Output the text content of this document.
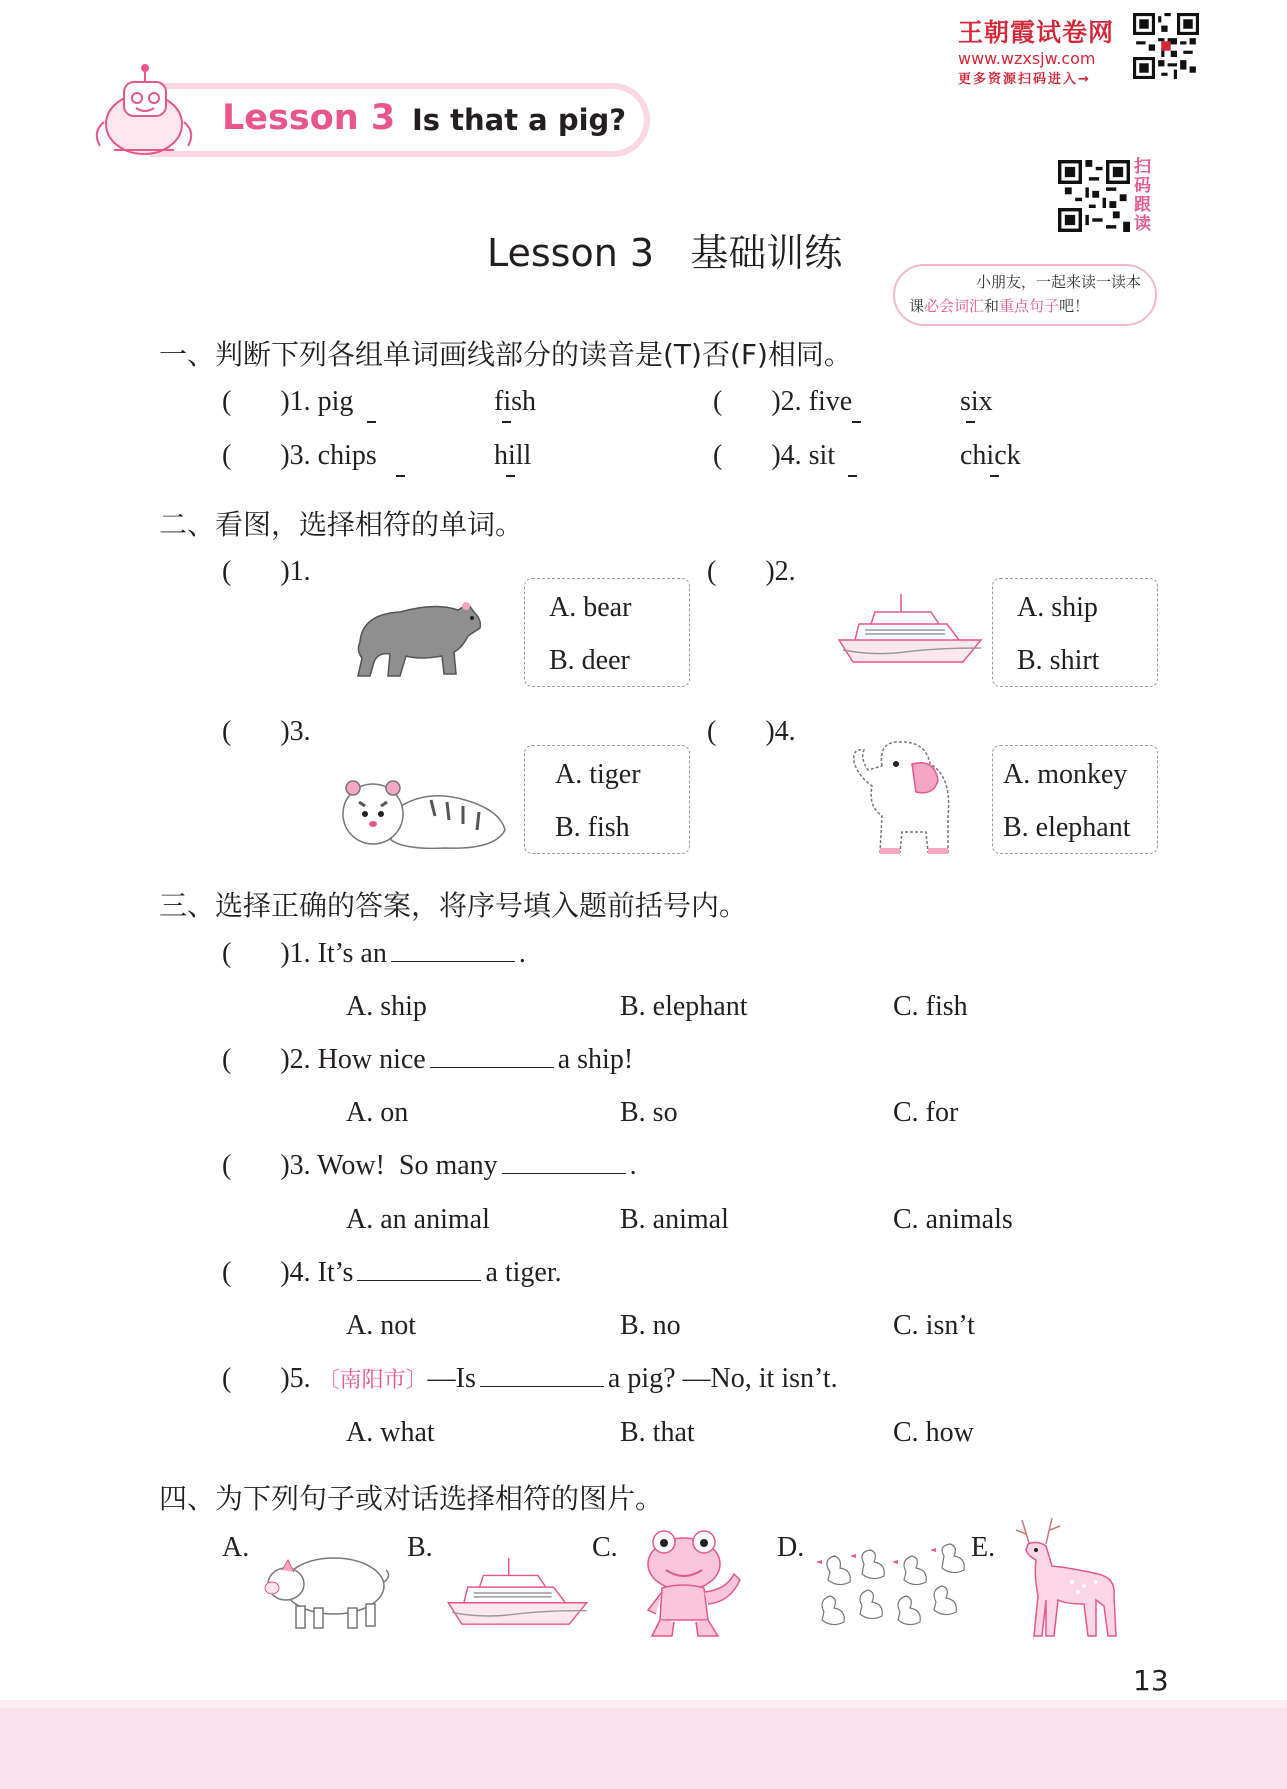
Lesson 3 Is that a pig?
王朝霞试卷网
www.wzxsjw.com
更多资源扫码进入→
扫码跟读
小朋友，一起来读一读本
课必会词汇和重点句子吧！
Lesson 3   基础训练
一、判断下列各组单词画线部分的读音是(T)否(F)相同。
(       )1. pig	fish	(       )2. five	six
(       )3. chips	hill	(       )4. sit	chick
二、看图，选择相符的单词。
(       )1.	(       )2.
(       )3.	(       )4.
A. bear
B. deer
A. ship
B. shirt
A. tiger
B. fish
A. monkey
B. elephant
三、选择正确的答案，将序号填入题前括号内。
(       )1. It’s an	.
A. ship	B. elephant	C. fish
(       )2. How nice	a ship!
A. on	B. so	C. for
(       )3. Wow!  So many	.
A. an animal	B. animal	C. animals
(       )4. It’s	a tiger.
A. not	B. no	C. isn’t
(       )5. 〔南阳市〕—Is	a pig? —No, it isn’t.
A. what	B. that	C. how
四、为下列句子或对话选择相符的图片。
A.	B.	C.	D.	E.
13
